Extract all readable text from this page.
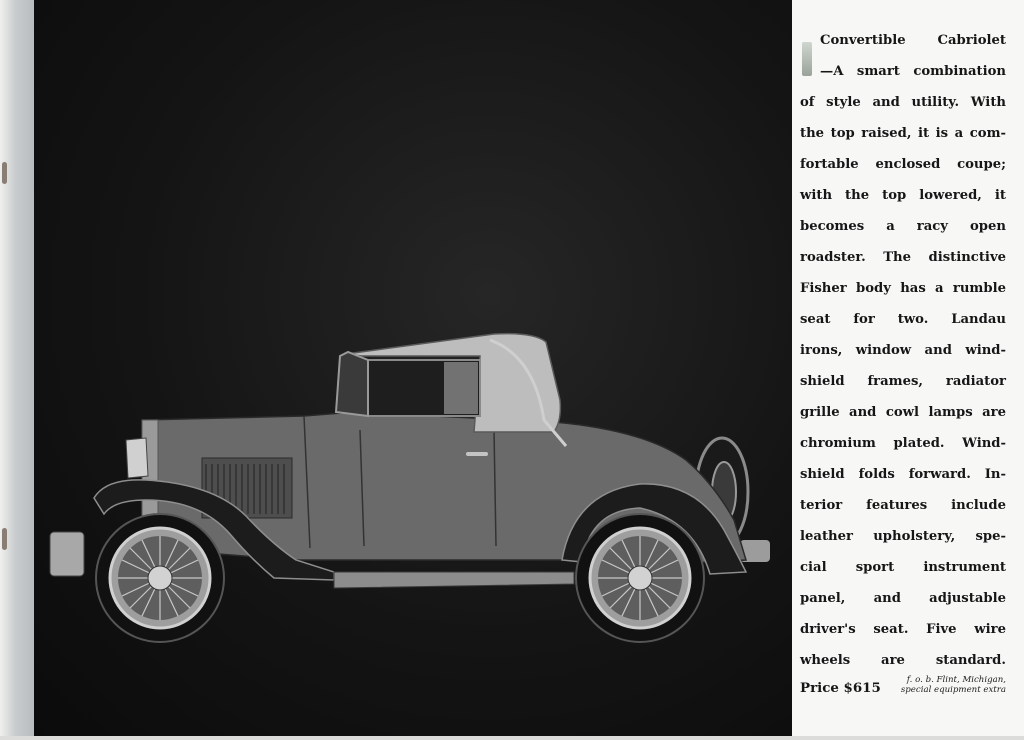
Convertible Cabriolet
—A smart combination
of style and utility. With
the top raised, it is a com-
fortable enclosed coupe;
with the top lowered, it
becomes a racy open
roadster. The distinctive
Fisher body has a rumble
seat for two. Landau
irons, window and wind-
shield frames, radiator
grille and cowl lamps are
chromium plated. Wind-
shield folds forward. In-
terior features include
leather upholstery, spe-
cial sport instrument
panel, and adjustable
driver's seat. Five wire
wheels are standard.
Price $615	f. o. b. Flint, Michigan,
special equipment extra
